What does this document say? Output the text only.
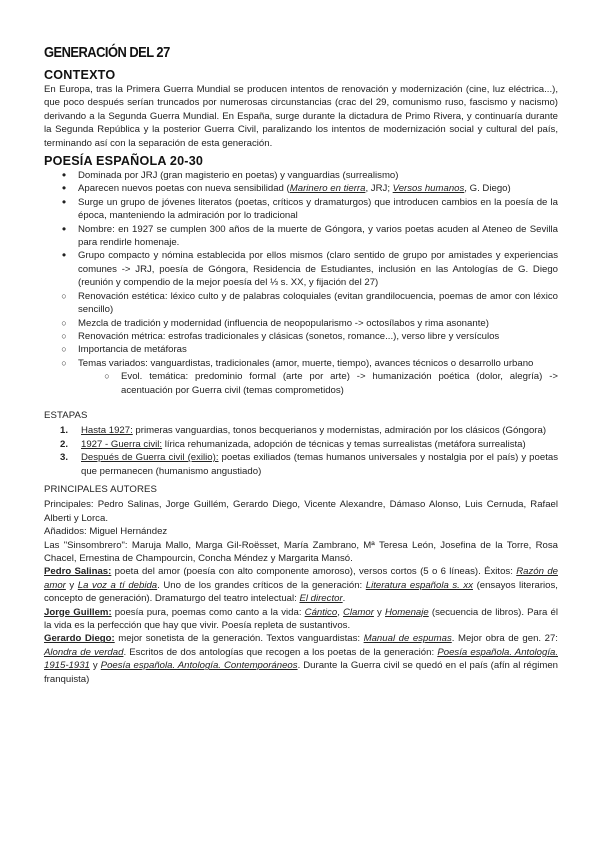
GENERACIÓN DEL 27
CONTEXTO

En Europa, tras la Primera Guerra Mundial se producen intentos de renovación y modernización (cine, luz eléctrica...), que poco después serían truncados por numerosas circunstancias (crac del 29, comunismo ruso, fascismo y nacismo) derivando a la Segunda Guerra Mundial. En España, surge durante la dictadura de Primo Rivera, y continuaría durante la Segunda República y la posterior Guerra Civil, paralizando los intentos de modernización social y cultural del país, terminando así con la separación de esta generación.

POESÍA ESPAÑOLA 20-30
●
Dominada por JRJ (gran magisterio en poetas) y vanguardias (surrealismo)
●
Aparecen nuevos poetas con nueva sensibilidad (Marinero en tierra, JRJ; Versos humanos, G. Diego)
●
Surge un grupo de jóvenes literatos (poetas, críticos y dramaturgos) que introducen cambios en la poesía de la época, manteniendo la admiración por lo tradicional
●
Nombre: en 1927 se cumplen 300 años de la muerte de Góngora, y varios poetas acuden al Ateneo de Sevilla para rendirle homenaje.
●
Grupo compacto y nómina establecida por ellos mismos (claro sentido de grupo por amistades y experiencias comunes -> JRJ, poesía de Góngora, Residencia de Estudiantes, inclusión en las Antologías de G. Diego (reunión y compendio de la mejor poesía del ⅓ s. XX, y fijación del 27)
○
Renovación estética: léxico culto y de palabras coloquiales (evitan grandilocuencia, poemas de amor con léxico sencillo)
○
Mezcla de tradición y modernidad (influencia de neopopularismo -> octosílabos y rima asonante)
○
Renovación métrica: estrofas tradicionales y clásicas (sonetos, romance...), verso libre y versículos
○
Importancia de metáforas
○
Temas variados: vanguardistas, tradicionales (amor, muerte, tiempo), avances técnicos o desarrollo urbano
○
Evol. temática: predominio formal (arte por arte) -> humanización poética (dolor, alegría) -> acentuación por Guerra civil (temas comprometidos)
ESTAPAS
1. Hasta 1927: primeras vanguardias, tonos becquerianos y modernistas, admiración por los clásicos (Góngora)
2. 1927 - Guerra civil: lírica rehumanizada, adopción de técnicas y temas surrealistas (metáfora surrealista)
3. Después de Guerra civil (exilio): poetas exiliados (temas humanos universales y nostalgia por el país) y poetas que permanecen (humanismo angustiado)
PRINCIPALES AUTORES

Principales: Pedro Salinas, Jorge Guillém, Gerardo Diego, Vicente Alexandre, Dámaso Alonso, Luis Cernuda, Rafael Alberti y Lorca.

Añadidos: Miguel Hernández

Las "Sinsombrero": Maruja Mallo, Marga Gil-Roësset, María Zambrano, Mª Teresa León, Josefina de la Torre, Rosa Chacel, Ernestina de Champourcin, Concha Méndez y Margarita Mansó.

Pedro Salinas: poeta del amor (poesía con alto componente amoroso), versos cortos (5 o 6 líneas). Éxitos: Razón de amor y La voz a tí debida. Uno de los grandes críticos de la generación: Literatura española s. xx (ensayos literarios, concepto de generación). Dramaturgo del teatro intelectual: El director.

Jorge Guillem: poesía pura, poemas como canto a la vida: Cántico, Clamor y Homenaje (secuencia de libros). Para él la vida es la perfección que hay que vivir. Poesía repleta de sustantivos.

Gerardo Diego: mejor sonetista de la generación. Textos vanguardistas: Manual de espumas. Mejor obra de gen. 27: Alondra de verdad. Escritos de dos antologías que recogen a los poetas de la generación: Poesía española. Antología. 1915-1931 y Poesía española. Antología. Contemporáneos. Durante la Guerra civil se quedó en el país (afín al régimen franquista)
